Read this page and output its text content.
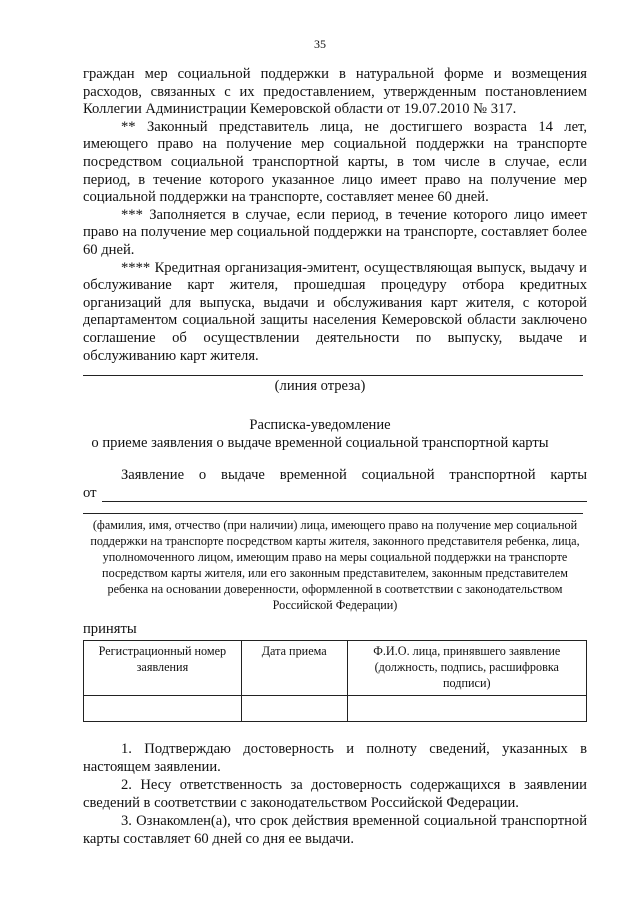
35

граждан мер социальной поддержки в натуральной форме и возмещения расходов, связанных с их предоставлением, утвержденным постановлением Коллегии Администрации Кемеровской области от 19.07.2010 № 317.

** Законный представитель лица, не достигшего возраста 14 лет, имеющего право на получение мер социальной поддержки на транспорте посредством социальной транспортной карты, в том числе в случае, если период, в течение которого указанное лицо имеет право на получение мер социальной поддержки на транспорте, составляет менее 60 дней.

*** Заполняется в случае, если период, в течение которого лицо имеет право на получение мер социальной поддержки на транспорте, составляет более 60 дней.

**** Кредитная организация-эмитент, осуществляющая выпуск, выдачу и обслуживание карт жителя, прошедшая процедуру отбора кредитных организаций для выпуска, выдачи и обслуживания карт жителя, с которой департаментом социальной защиты населения Кемеровской области заключено соглашение об осуществлении деятельности по выпуску, выдаче и обслуживанию карт жителя.

(линия отреза)
Расписка-уведомление
о приеме заявления о выдаче временной социальной транспортной карты
Заявление о выдаче временной социальной транспортной карты
от
(фамилия, имя, отчество (при наличии) лица, имеющего право на получение мер социальной поддержки на транспорте посредством карты жителя, законного представителя ребенка, лица, уполномоченного лицом, имеющим право на меры социальной поддержки на транспорте посредством карты жителя, или его законным представителем, законным представителем ребенка на основании доверенности, оформленной в соответствии с законодательством Российской Федерации)
приняты
Регистрационный номер заявления	Дата приема	Ф.И.О. лица, принявшего заявление (должность, подпись, расшифровка подписи)

1. Подтверждаю достоверность и полноту сведений, указанных в настоящем заявлении.

2. Несу ответственность за достоверность содержащихся в заявлении сведений в соответствии с законодательством Российской Федерации.

3. Ознакомлен(а), что срок действия временной социальной транспортной карты составляет 60 дней со дня ее выдачи.
